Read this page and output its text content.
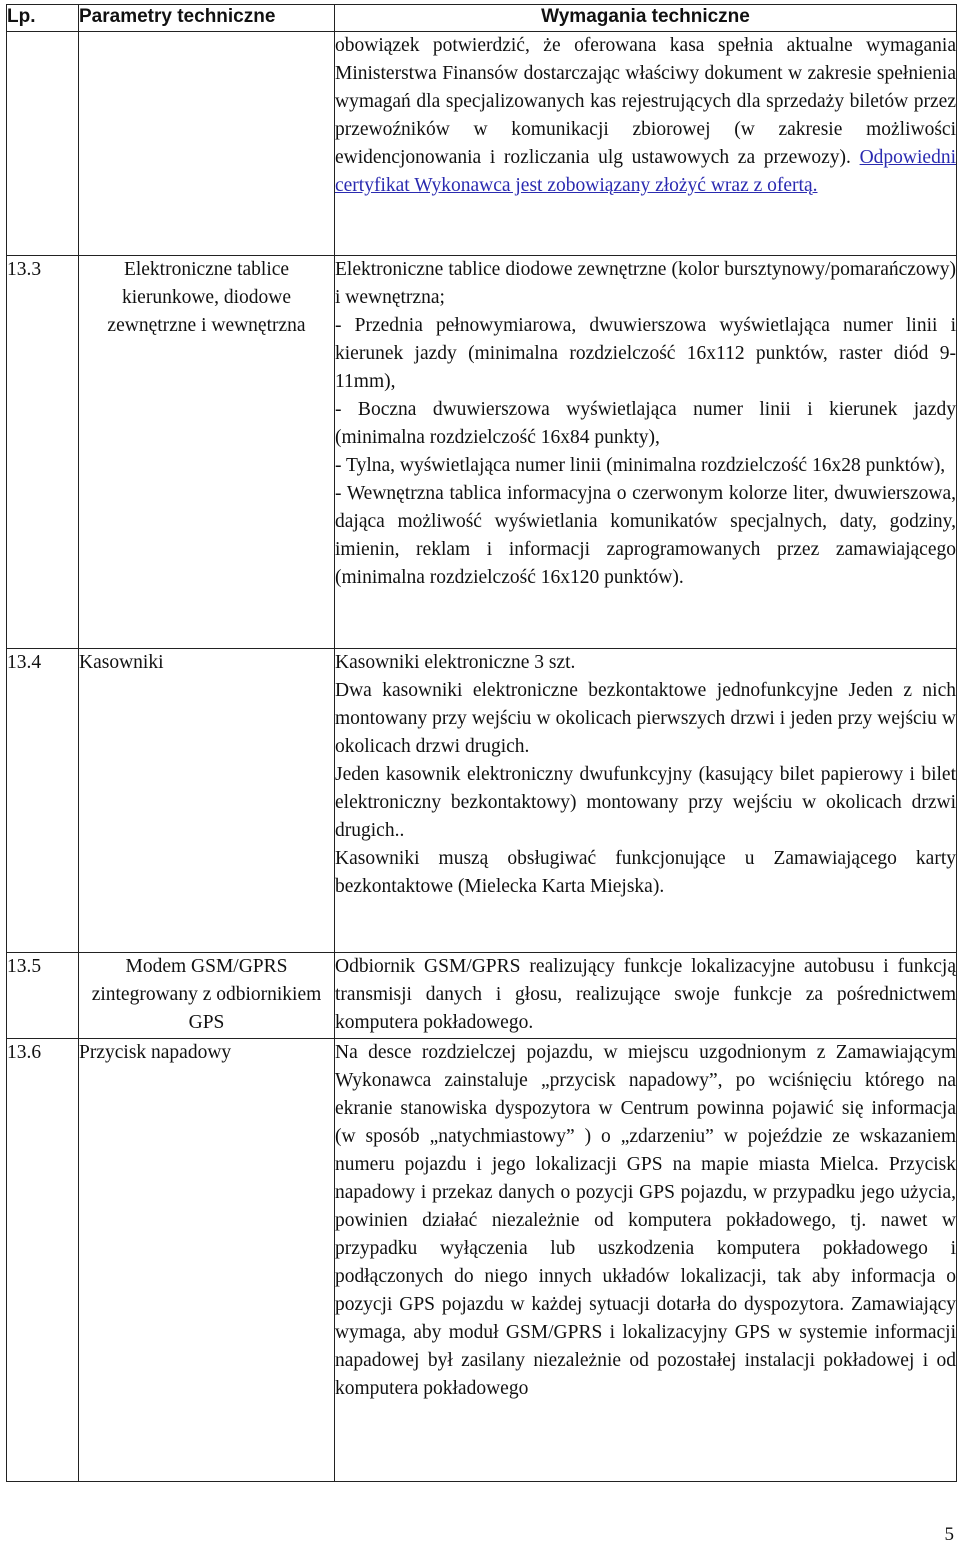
Lp.	Parametry techniczne	Wymagania techniczne

		obowiązek potwierdzić, że oferowana kasa spełnia aktualne wymagania Ministerstwa Finansów dostarczając właściwy dokument w zakresie spełnienia wymagań dla specjalizowanych kas rejestrujących dla sprzedaży biletów przez przewoźników w komunikacji zbiorowej (w zakresie możliwości ewidencjonowania i rozliczania ulg ustawowych za przewozy). Odpowiedni certyfikat Wykonawca jest zobowiązany złożyć wraz z ofertą.

13.3	Elektroniczne tablice kierunkowe, diodowe zewnętrzne i wewnętrzna	Elektroniczne tablice diodowe zewnętrzne (kolor bursztynowy/pomarańczowy) i wewnętrzna;

- Przednia pełnowymiarowa, dwuwierszowa wyświetlająca numer linii i kierunek jazdy (minimalna rozdzielczość 16x112 punktów, raster diód 9-11mm),

- Boczna dwuwierszowa wyświetlająca numer linii i kierunek jazdy (minimalna rozdzielczość 16x84 punkty),

- Tylna, wyświetlająca numer linii (minimalna rozdzielczość 16x28 punktów),

- Wewnętrzna tablica informacyjna o czerwonym kolorze liter, dwuwierszowa, dająca możliwość wyświetlania komunikatów specjalnych, daty, godziny, imienin, reklam i informacji zaprogramowanych przez zamawiającego (minimalna rozdzielczość 16x120 punktów).

13.4	Kasowniki	Kasowniki elektroniczne 3 szt.

Dwa kasowniki elektroniczne bezkontaktowe jednofunkcyjne Jeden z nich montowany przy wejściu w okolicach pierwszych drzwi i jeden przy wejściu w okolicach drzwi drugich.

Jeden kasownik elektroniczny dwufunkcyjny (kasujący bilet papierowy i bilet elektroniczny bezkontaktowy) montowany przy wejściu w okolicach drzwi drugich..

Kasowniki muszą obsługiwać funkcjonujące u Zamawiającego karty bezkontaktowe (Mielecka Karta Miejska).

13.5	Modem GSM/GPRS zintegrowany z odbiornikiem GPS	Odbiornik GSM/GPRS realizujący funkcje lokalizacyjne autobusu i funkcją transmisji danych i głosu, realizujące swoje funkcje za pośrednictwem komputera pokładowego.

13.6	Przycisk napadowy	Na desce rozdzielczej pojazdu, w miejscu uzgodnionym z Zamawiającym Wykonawca zainstaluje „przycisk napadowy”, po wciśnięciu którego na ekranie stanowiska dyspozytora w Centrum powinna pojawić się informacja (w sposób „natychmiastowy” ) o „zdarzeniu” w pojeździe ze wskazaniem numeru pojazdu i jego lokalizacji GPS na mapie miasta Mielca. Przycisk napadowy i przekaz danych o pozycji GPS pojazdu, w przypadku jego użycia, powinien działać niezależnie od komputera pokładowego, tj. nawet w przypadku wyłączenia lub uszkodzenia komputera pokładowego i podłączonych do niego innych układów lokalizacji, tak aby informacja o pozycji GPS pojazdu w każdej sytuacji dotarła do dyspozytora. Zamawiający wymaga, aby moduł GSM/GPRS i lokalizacyjny GPS w systemie informacji napadowej był zasilany niezależnie od pozostałej instalacji pokładowej i od komputera pokładowego

5
